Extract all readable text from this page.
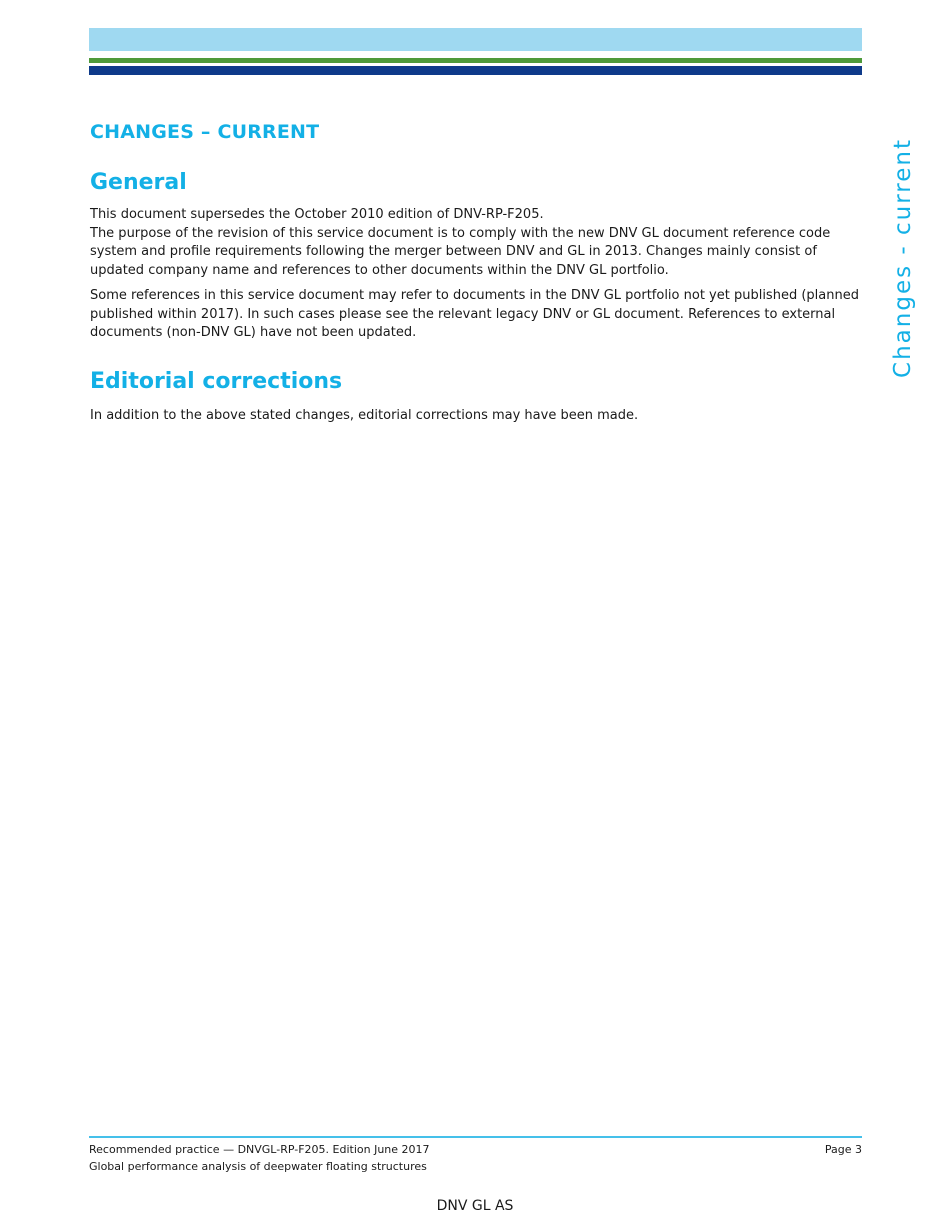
Changes - current
CHANGES – CURRENT
General

This document supersedes the October 2010 edition of DNV-RP-F205.

The purpose of the revision of this service document is to comply with the new DNV GL document reference code system and profile requirements following the merger between DNV and GL in 2013. Changes mainly consist of updated company name and references to other documents within the DNV GL portfolio.

Some references in this service document may refer to documents in the DNV GL portfolio not yet published (planned published within 2017). In such cases please see the relevant legacy DNV or GL document. References to external documents (non-DNV GL) have not been updated.

Editorial corrections

In addition to the above stated changes, editorial corrections may have been made.

Recommended practice — DNVGL-RP-F205. Edition June 2017	Page 3
Global performance analysis of deepwater floating structures
DNV GL AS
